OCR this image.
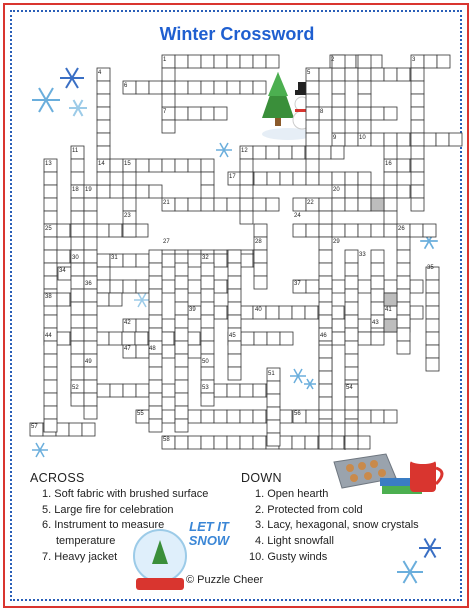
Winter Crossword
LET IT SNOW
1	2	3
4	5
6
7	8
9	10
11	12
13	14	15	16
17
18 19	20
21	22
23	24
25	26
27	28	29
30	31	32	33
34	35
36	37
38
39	40	41
42	43
44	45	46
47	48
49	50
51
52	53	54
55	56
57
58
ACROSS
1. Soft fabric with brushed surface
5. Large fire for celebration
6. Instrument to measure
temperature
7. Heavy jacket
DOWN
1. Open hearth
2. Protected from cold
3. Lacy, hexagonal, snow crystals
4. Light snowfall
10. Gusty winds
© Puzzle Cheer
